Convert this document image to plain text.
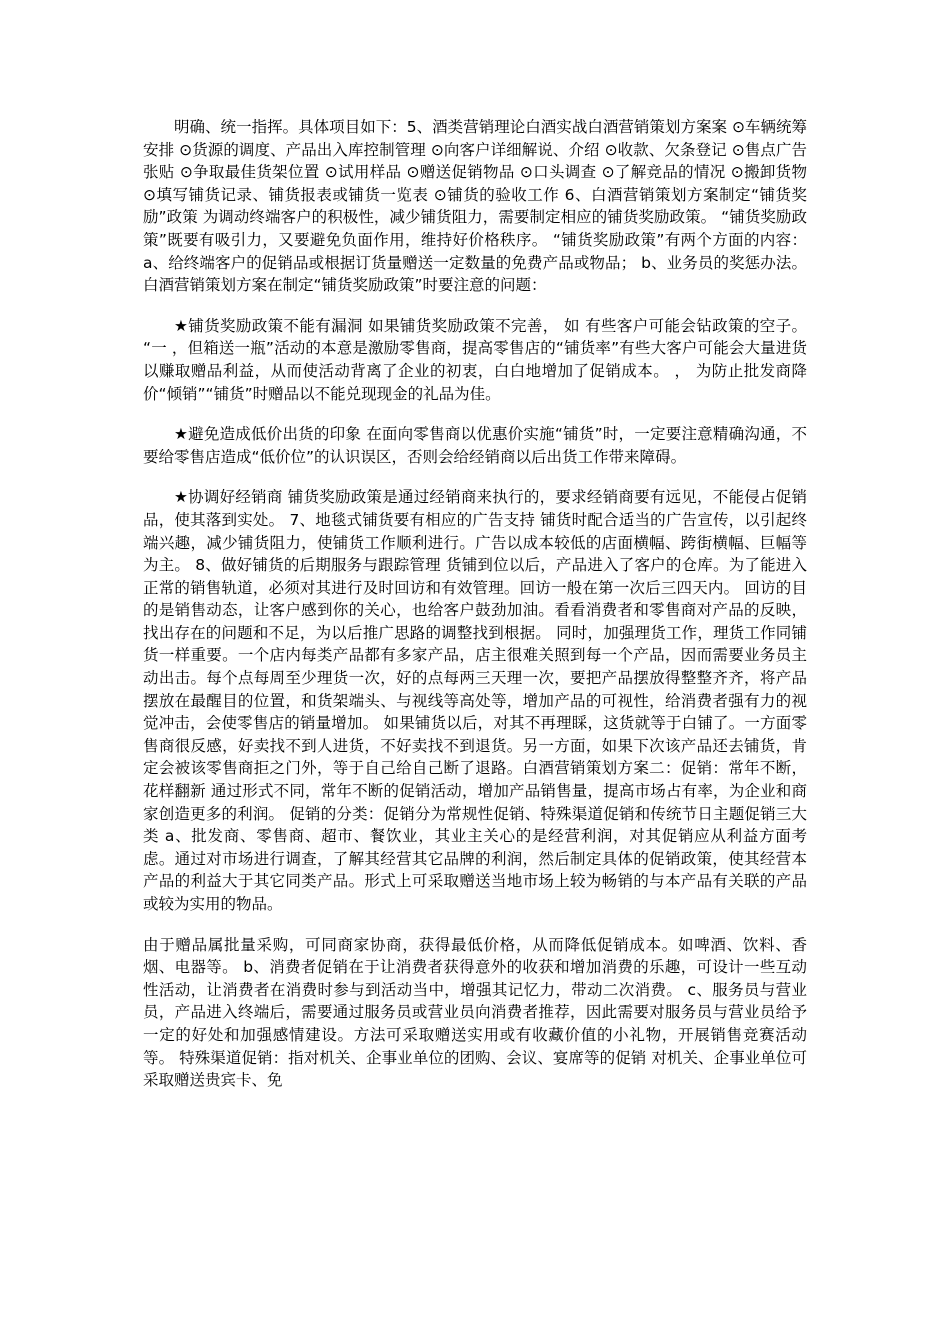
明确、统一指挥。具体项目如下：5、酒类营销理论白酒实战白酒营销策划方案案 ⊙车辆统筹安排 ⊙货源的调度、产品出入库控制管理 ⊙向客户详细解说、介绍 ⊙收款、欠条登记 ⊙售点广告张贴 ⊙争取最佳货架位置 ⊙试用样品 ⊙赠送促销物品 ⊙口头调查 ⊙了解竞品的情况 ⊙搬卸货物 ⊙填写铺货记录、铺货报表或铺货一览表 ⊙铺货的验收工作 6、白酒营销策划方案制定“铺货奖励”政策 为调动终端客户的积极性，减少铺货阻力，需要制定相应的铺货奖励政策。 “铺货奖励政策”既要有吸引力，又要避免负面作用，维持好价格秩序。 “铺货奖励政策”有两个方面的内容： a、给终端客户的促销品或根据订货量赠送一定数量的免费产品或物品； b、业务员的奖惩办法。 白酒营销策划方案在制定“铺货奖励政策”时要注意的问题：

★铺货奖励政策不能有漏洞 如果铺货奖励政策不完善， 如 有些客户可能会钻政策的空子。 “一 ，但箱送一瓶”活动的本意是激励零售商，提高零售店的“铺货率”有些大客户可能会大量进货以赚取赠品利益，从而使活动背离了企业的初衷，白白地增加了促销成本。 ， 为防止批发商降价“倾销”“铺货”时赠品以不能兑现现金的礼品为佳。

★避免造成低价出货的印象 在面向零售商以优惠价实施“铺货”时，一定要注意精确沟通，不要给零售店造成“低价位”的认识误区，否则会给经销商以后出货工作带来障碍。

★协调好经销商 铺货奖励政策是通过经销商来执行的，要求经销商要有远见，不能侵占促销品，使其落到实处。 7、地毯式铺货要有相应的广告支持 铺货时配合适当的广告宣传，以引起终端兴趣，减少铺货阻力，使铺货工作顺利进行。广告以成本较低的店面横幅、跨街横幅、巨幅等为主。 8、做好铺货的后期服务与跟踪管理 货铺到位以后，产品进入了客户的仓库。为了能进入正常的销售轨道，必须对其进行及时回访和有效管理。回访一般在第一次后三四天内。 回访的目的是销售动态，让客户感到你的关心，也给客户鼓劲加油。看看消费者和零售商对产品的反映，找出存在的问题和不足，为以后推广思路的调整找到根据。 同时，加强理货工作，理货工作同铺货一样重要。一个店内每类产品都有多家产品，店主很难关照到每一个产品，因而需要业务员主动出击。每个点每周至少理货一次，好的点每两三天理一次，要把产品摆放得整整齐齐，将产品摆放在最醒目的位置，和货架端头、与视线等高处等，增加产品的可视性，给消费者强有力的视觉冲击，会使零售店的销量增加。 如果铺货以后，对其不再理睬，这货就等于白铺了。一方面零售商很反感，好卖找不到人进货，不好卖找不到退货。另一方面，如果下次该产品还去铺货，肯定会被该零售商拒之门外，等于自己给自己断了退路。白酒营销策划方案二：促销：常年不断，花样翻新 通过形式不同，常年不断的促销活动，增加产品销售量，提高市场占有率，为企业和商家创造更多的利润。 促销的分类：促销分为常规性促销、特殊渠道促销和传统节日主题促销三大类 a、批发商、零售商、超市、餐饮业，其业主关心的是经营利润，对其促销应从利益方面考虑。通过对市场进行调查，了解其经营其它品牌的利润，然后制定具体的促销政策，使其经营本产品的利益大于其它同类产品。形式上可采取赠送当地市场上较为畅销的与本产品有关联的产品或较为实用的物品。

由于赠品属批量采购，可同商家协商，获得最低价格，从而降低促销成本。如啤酒、饮料、香烟、电器等。 b、消费者促销在于让消费者获得意外的收获和增加消费的乐趣，可设计一些互动性活动，让消费者在消费时参与到活动当中，增强其记忆力，带动二次消费。 c、服务员与营业员，产品进入终端后，需要通过服务员或营业员向消费者推荐，因此需要对服务员与营业员给予一定的好处和加强感情建设。方法可采取赠送实用或有收藏价值的小礼物，开展销售竞赛活动等。 特殊渠道促销：指对机关、企事业单位的团购、会议、宴席等的促销 对机关、企事业单位可采取赠送贵宾卡、免
